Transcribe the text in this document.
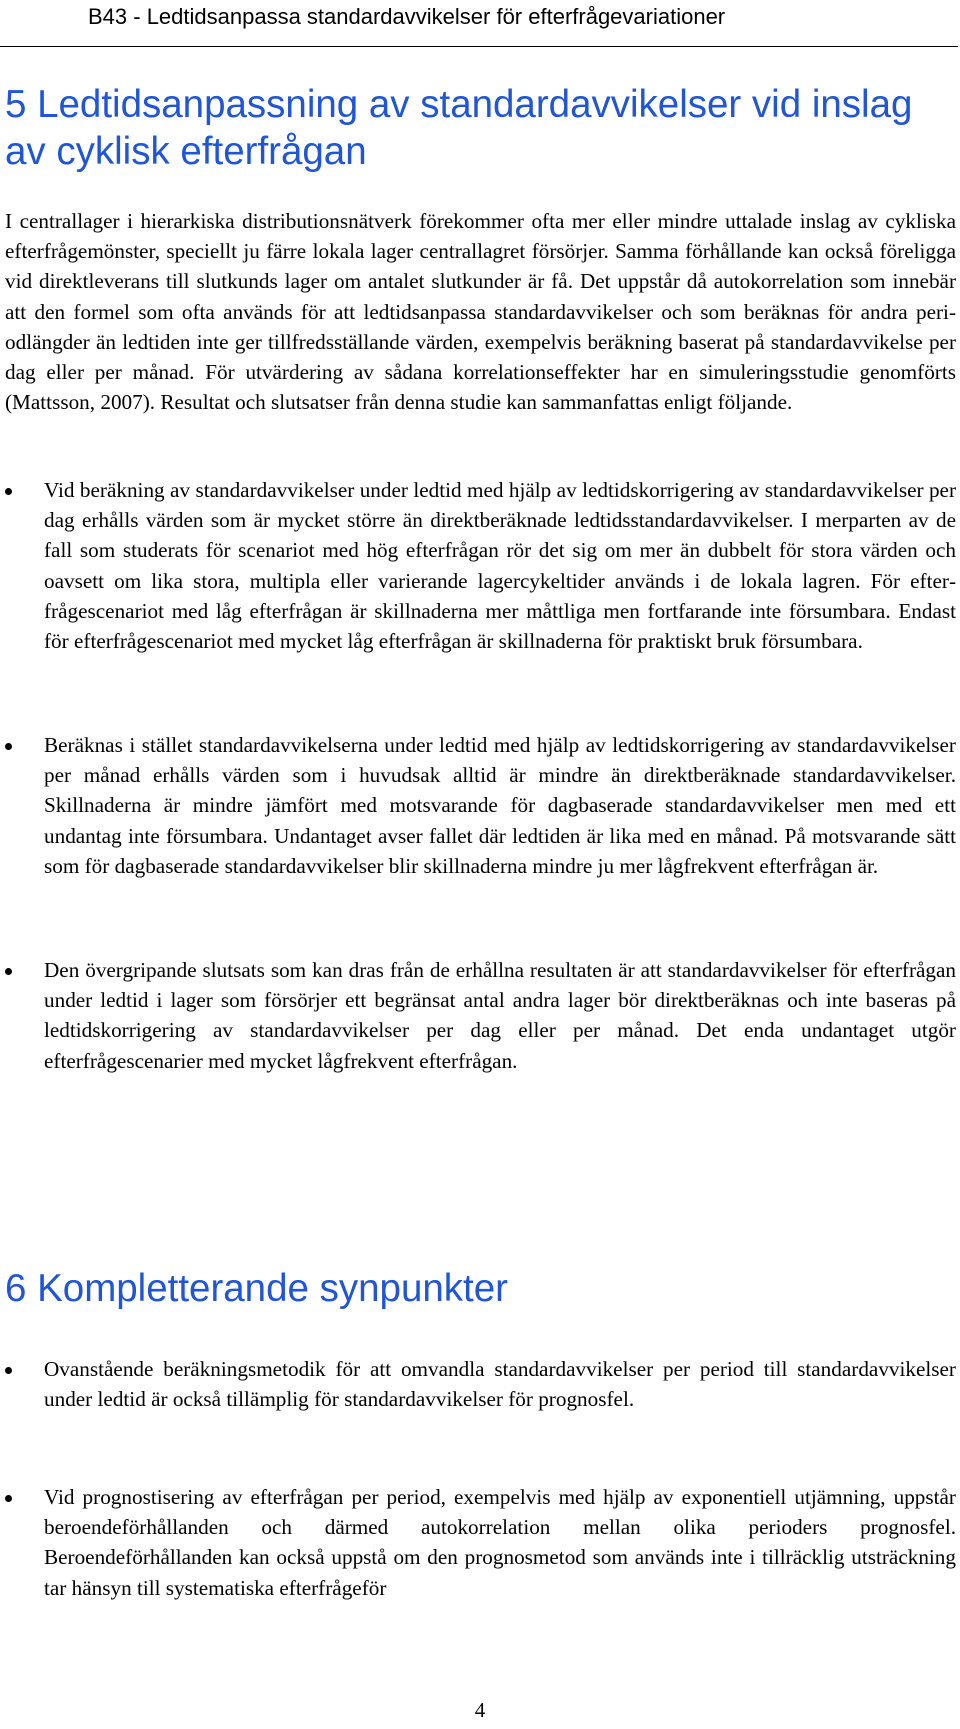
B43 - Ledtidsanpassa standardavvikelser för efterfrågevariationer
5 Ledtidsanpassning av standardavvikelser vid inslag av cyklisk efterfrågan

I centrallager i hierarkiska distributionsnätverk förekommer ofta mer eller mindre uttalade inslag av cykliska efterfrågemönster, speciellt ju färre lokala lager centrallagret försörjer. Samma förhållande kan också föreligga vid direktleverans till slutkunds lager om antalet slutkunder är få. Det uppstår då autokorrelation som innebär att den formel som ofta används för att ledtidsanpassa standardavvikelser och som beräknas för andra periodlängder än ledtiden inte ger tillfredsställande värden, exempelvis beräkning baserat på standardavvikelse per dag eller per månad. För utvärdering av sådana korrelationseffekter har en simuleringsstudie genomförts (Mattsson, 2007). Resultat och slutsatser från denna studie kan sammanfattas enligt följande.

Vid beräkning av standardavvikelser under ledtid med hjälp av ledtidskorrigering av standardavvikelser per dag erhålls värden som är mycket större än direktberäknade ledtidsstandardavvikelser. I merparten av de fall som studerats för scenariot med hög efterfrågan rör det sig om mer än dubbelt för stora värden och oavsett om lika stora, multipla eller varierande lagercykeltider används i de lokala lagren. För efterfrågescenariot med låg efterfrågan är skillnaderna mer måttliga men fortfarande inte försumbara. Endast för efterfrågescenariot med mycket låg efterfrågan är skillnaderna för praktiskt bruk försumbara.

Beräknas i stället standardavvikelserna under ledtid med hjälp av ledtidskorrigering av standardavvikelser per månad erhålls värden som i huvudsak alltid är mindre än direktberäknade standardavvikelser. Skillnaderna är mindre jämfört med motsvarande för dagbaserade standardavvikelser men med ett undantag inte försumbara. Undantaget avser fallet där ledtiden är lika med en månad. På motsvarande sätt som för dagbaserade standardavvikelser blir skillnaderna mindre ju mer lågfrekvent efterfrågan är.

Den övergripande slutsats som kan dras från de erhållna resultaten är att standardavvikelser för efterfrågan under ledtid i lager som försörjer ett begränsat antal andra lager bör direktberäknas och inte baseras på ledtidskorrigering av standardavvikelser per dag eller per månad. Det enda undantaget utgör efterfrågescenarier med mycket lågfrekvent efterfrågan.

6 Kompletterande synpunkter

Ovanstående beräkningsmetodik för att omvandla standardavvikelser per period till standardavvikelser under ledtid är också tillämplig för standardavvikelser för prognosfel.

Vid prognostisering av efterfrågan per period, exempelvis med hjälp av exponentiell utjämning, uppstår beroendeförhållanden och därmed autokorrelation mellan olika perioders prognosfel. Beroendeförhållanden kan också uppstå om den prognosmetod som används inte i tillräcklig utsträckning tar hänsyn till systematiska efterfrågeför

4
